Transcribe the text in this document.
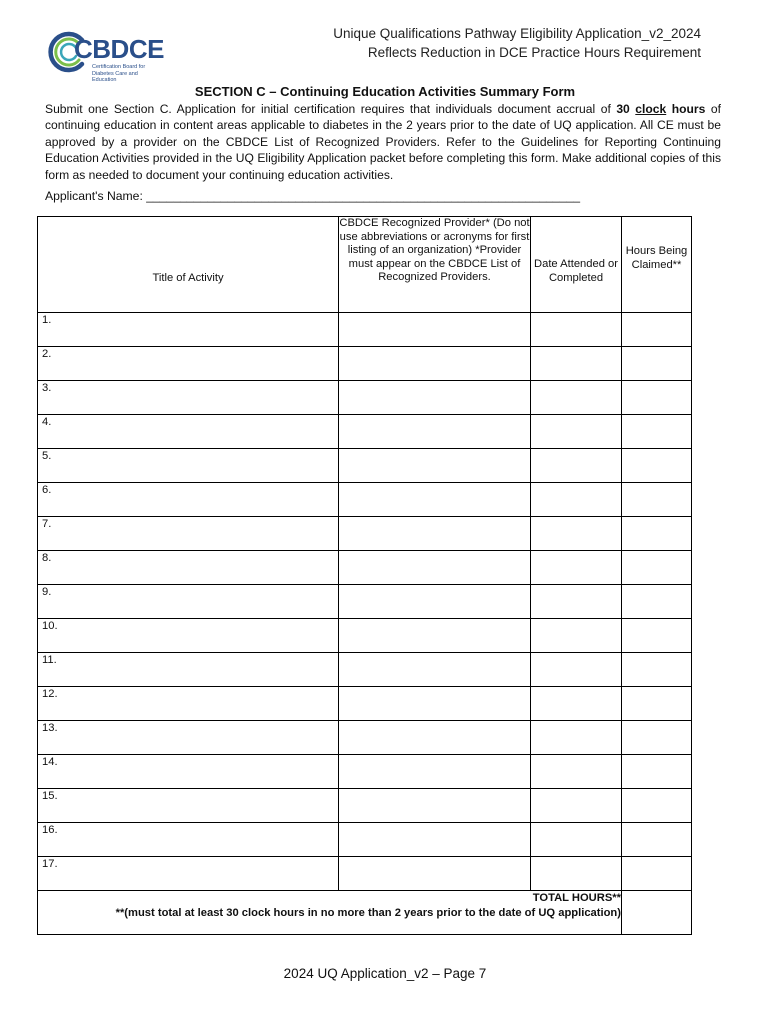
Unique Qualifications Pathway Eligibility Application_v2_2024
Reflects Reduction in DCE Practice Hours Requirement
CBDCE
Certification Board for
Diabetes Care and Education
SECTION C – Continuing Education Activities Summary Form
Submit one Section C. Application for initial certification requires that individuals document accrual of 30 clock hours of continuing education in content areas applicable to diabetes in the 2 years prior to the date of UQ application. All CE must be approved by a provider on the CBDCE List of Recognized Providers. Refer to the Guidelines for Reporting Continuing Education Activities provided in the UQ Eligibility Application packet before completing this form. Make additional copies of this form as needed to document your continuing education activities.
Applicant's Name: ________________________________________________________________
Title of Activity	CBDCE Recognized Provider* (Do not use abbreviations or acronyms for first listing of an organization) *Provider must appear on the CBDCE List of Recognized Providers.	Date Attended or Completed	Hours Being Claimed**

1.			
2.			
3.			
4.			
5.			
6.			
7.			
8.			
9.			
10.			
11.			
12.			
13.			
14.			
15.			
16.			
17.			

TOTAL HOURS**
**(must total at least 30 clock hours in no more than 2 years prior to the date of UQ application)			

2024 UQ Application_v2 – Page 7
